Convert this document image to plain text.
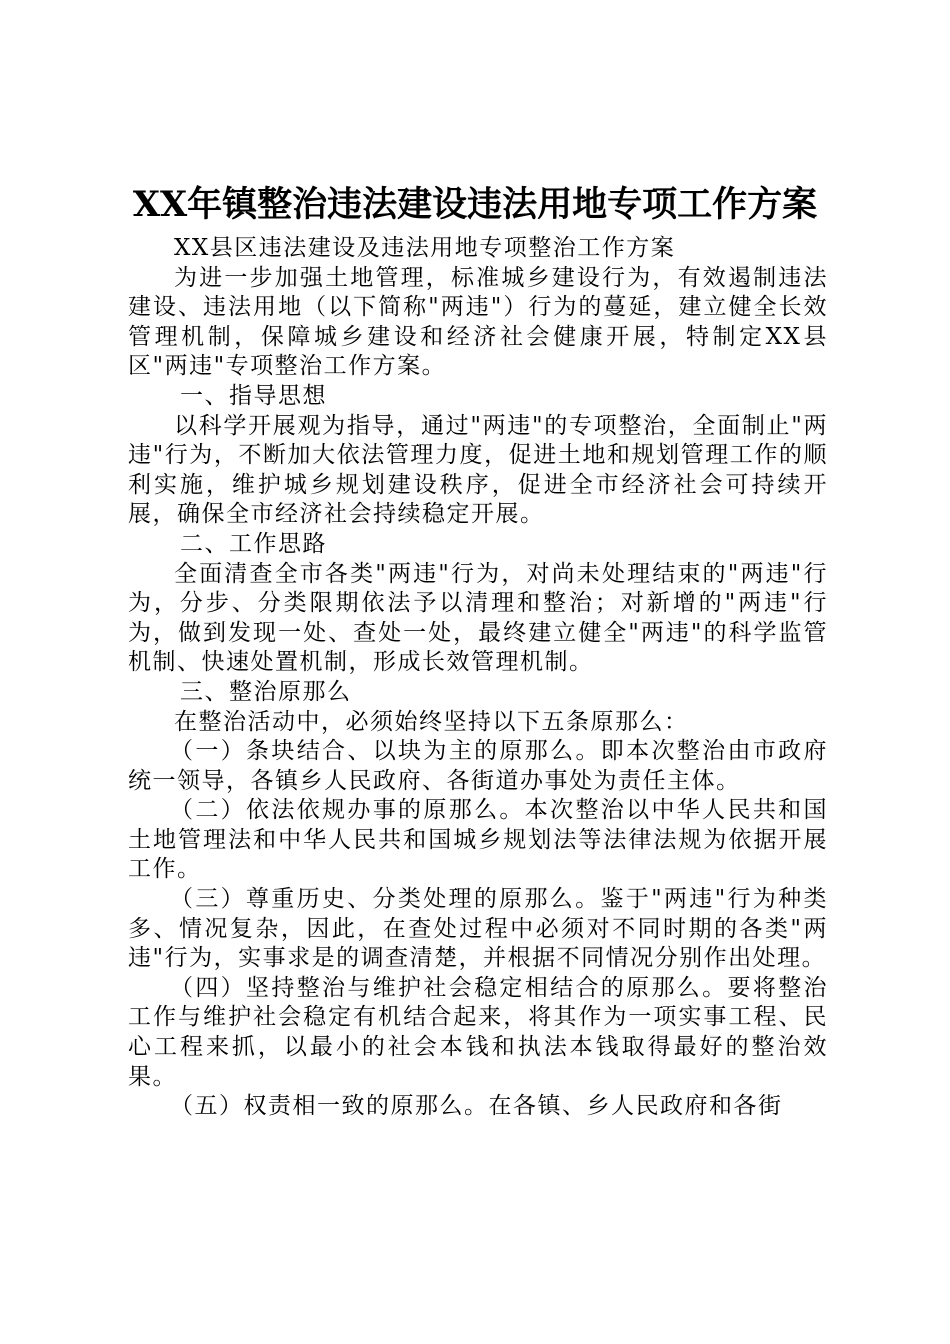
XX年镇整治违法建设违法用地专项工作方案

XX县区违法建设及违法用地专项整治工作方案

为进一步加强土地管理，标准城乡建设行为，有效遏制违法建设、违法用地（以下简称"两违"）行为的蔓延，建立健全长效管理机制，保障城乡建设和经济社会健康开展，特制定XX县区"两违"专项整治工作方案。

一、指导思想

以科学开展观为指导，通过"两违"的专项整治，全面制止"两违"行为，不断加大依法管理力度，促进土地和规划管理工作的顺利实施，维护城乡规划建设秩序，促进全市经济社会可持续开展，确保全市经济社会持续稳定开展。

二、工作思路

全面清查全市各类"两违"行为，对尚未处理结束的"两违"行为，分步、分类限期依法予以清理和整治；对新增的"两违"行为，做到发现一处、查处一处，最终建立健全"两违"的科学监管机制、快速处置机制，形成长效管理机制。

三、整治原那么

在整治活动中，必须始终坚持以下五条原那么：

（一）条块结合、以块为主的原那么。即本次整治由市政府统一领导，各镇乡人民政府、各街道办事处为责任主体。

（二）依法依规办事的原那么。本次整治以中华人民共和国土地管理法和中华人民共和国城乡规划法等法律法规为依据开展工作。

（三）尊重历史、分类处理的原那么。鉴于"两违"行为种类多、情况复杂，因此，在查处过程中必须对不同时期的各类"两违"行为，实事求是的调查清楚，并根据不同情况分别作出处理。

（四）坚持整治与维护社会稳定相结合的原那么。要将整治工作与维护社会稳定有机结合起来，将其作为一项实事工程、民心工程来抓，以最小的社会本钱和执法本钱取得最好的整治效果。

（五）权责相一致的原那么。在各镇、乡人民政府和各街
